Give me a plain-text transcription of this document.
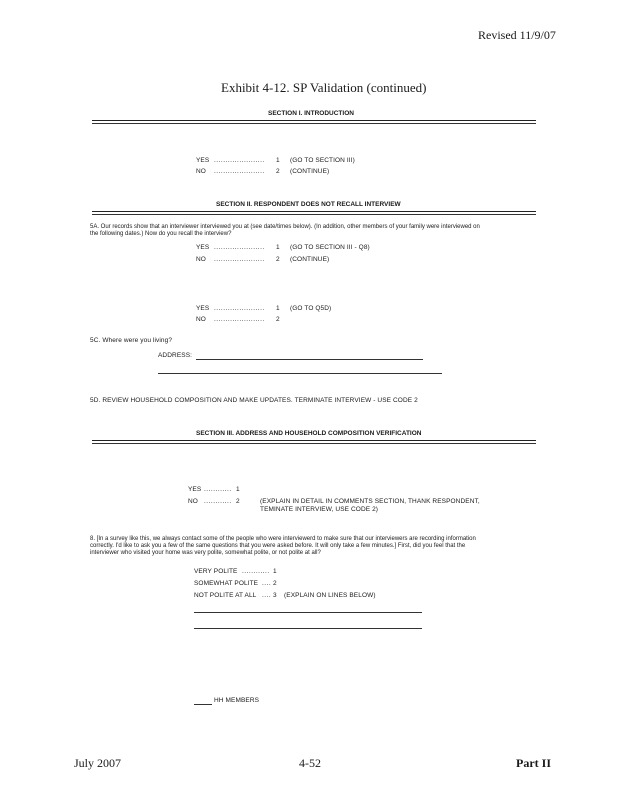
Revised 11/9/07
Exhibit 4-12. SP Validation (continued)
SECTION I. INTRODUCTION
YES ...................... 1 (GO TO SECTION III)
NO ...................... 2 (CONTINUE)
SECTION II. RESPONDENT DOES NOT RECALL INTERVIEW
5A. Our records show that an interviewer interviewed you at (see date/times below). (In addition, other members of your family were interviewed on
the following dates.) Now do you recall the interview?
YES ...................... 1 (GO TO SECTION III - Q8)
NO ...................... 2 (CONTINUE)
YES ...................... 1 (GO TO Q5D)
NO ...................... 2
5C. Where were you living?
ADDRESS:
5D. REVIEW HOUSEHOLD COMPOSITION AND MAKE UPDATES. TERMINATE INTERVIEW - USE CODE 2
SECTION III. ADDRESS AND HOUSEHOLD COMPOSITION VERIFICATION
YES ............ 1
NO ............ 2	(EXPLAIN IN DETAIL IN COMMENTS SECTION, THANK RESPONDENT,
TEMINATE INTERVIEW, USE CODE 2)
8. [In a survey like this, we always contact some of the people who were interviewerd to make sure that our interviewers are recording information
correctly. I'd like to ask you a few of the same questions that you were asked before. It will only take a few minutes.] First, did you feel that the
interviewer who visited your home was very polite, somewhat polite, or not polite at all?
VERY POLITE ............ 1
SOMEWHAT POLITE .... 2
NOT POLITE AT ALL .... 3 (EXPLAIN ON LINES BELOW)
HH MEMBERS
July 2007	4-52	Part II
